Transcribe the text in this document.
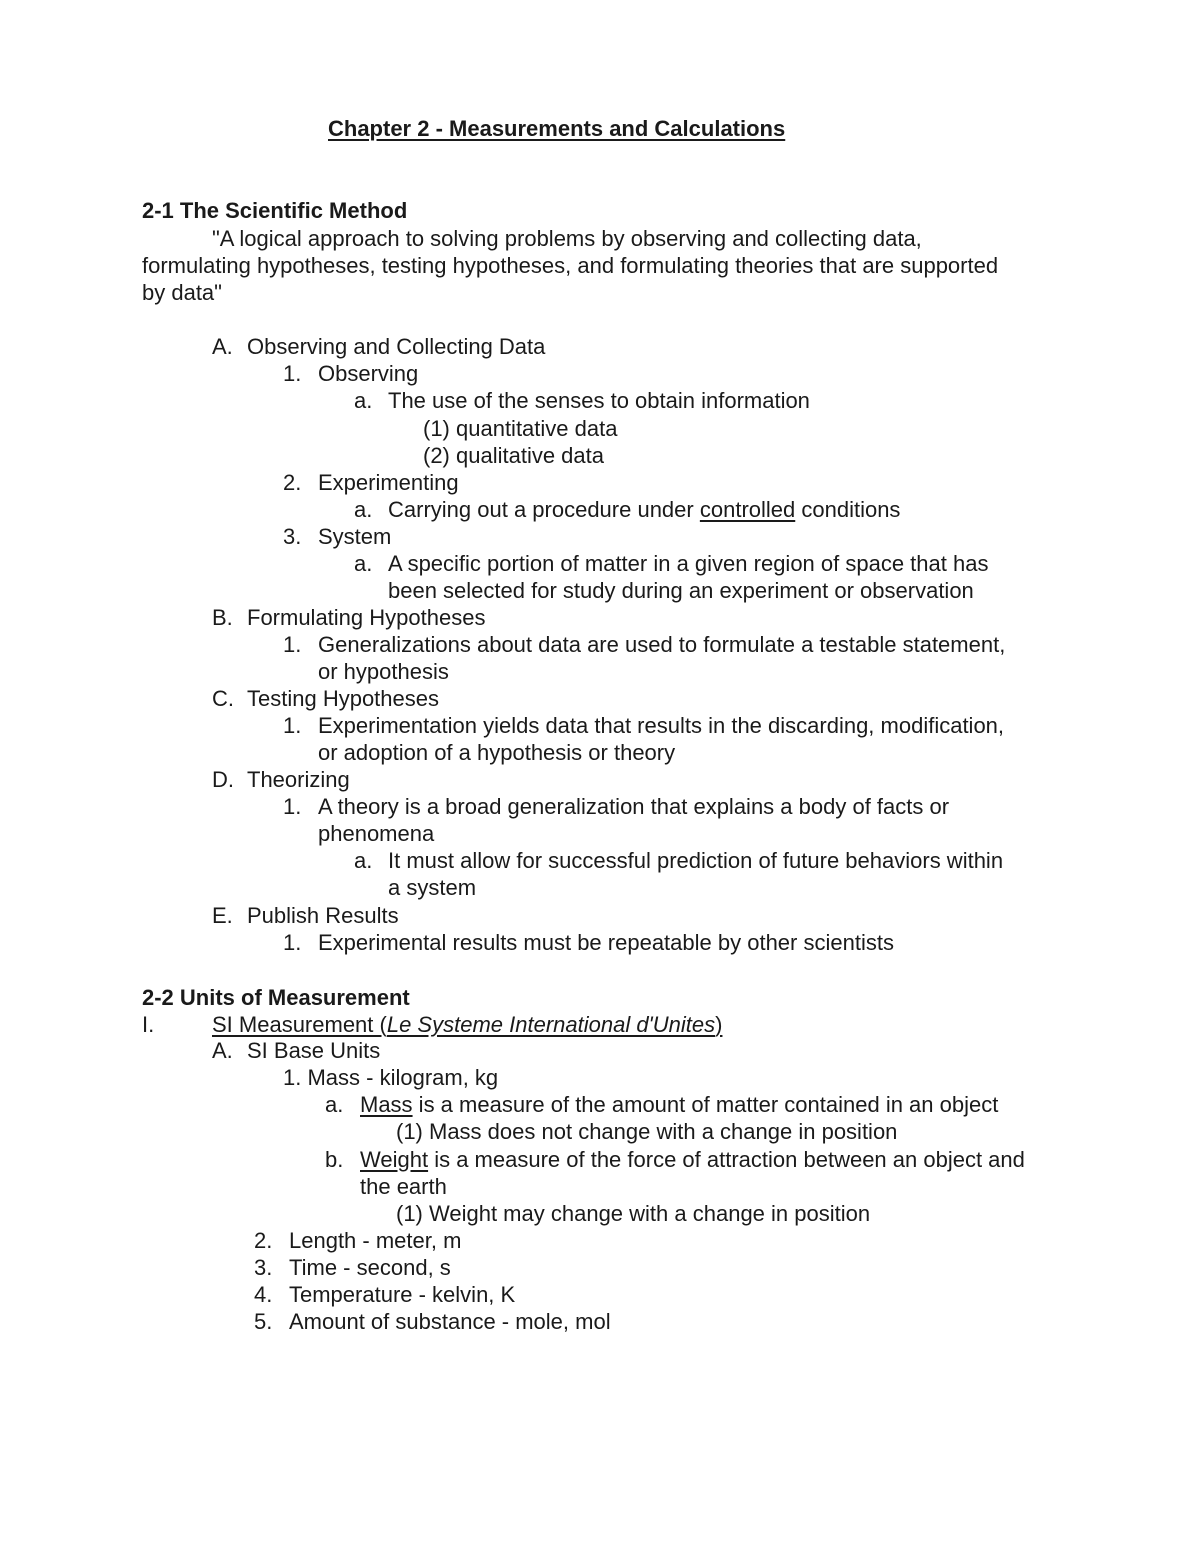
Chapter 2 - Measurements and Calculations
2-1 The Scientific Method
"A logical approach to solving problems by observing and collecting data,
formulating hypotheses, testing hypotheses, and formulating theories that are supported
by data"
A. Observing and Collecting Data
1. Observing
a. The use of the senses to obtain information
(1) quantitative data
(2) qualitative data
2. Experimenting
a. Carrying out a procedure under controlled conditions
3. System
a. A specific portion of matter in a given region of space that has
been selected for study during an experiment or observation
B. Formulating Hypotheses
1. Generalizations about data are used to formulate a testable statement,
or hypothesis
C. Testing Hypotheses
1. Experimentation yields data that results in the discarding, modification,
or adoption of a hypothesis or theory
D. Theorizing
1. A theory is a broad generalization that explains a body of facts or
phenomena
a. It must allow for successful prediction of future behaviors within
a system
E. Publish Results
1. Experimental results must be repeatable by other scientists
2-2 Units of Measurement
I.	SI Measurement (Le Systeme International d'Unites)
A. SI Base Units
1. Mass - kilogram, kg
a. Mass is a measure of the amount of matter contained in an object
(1) Mass does not change with a change in position
b. Weight is a measure of the force of attraction between an object and
the earth
(1) Weight may change with a change in position
2. Length - meter, m
3. Time - second, s
4. Temperature - kelvin, K
5. Amount of substance - mole, mol
